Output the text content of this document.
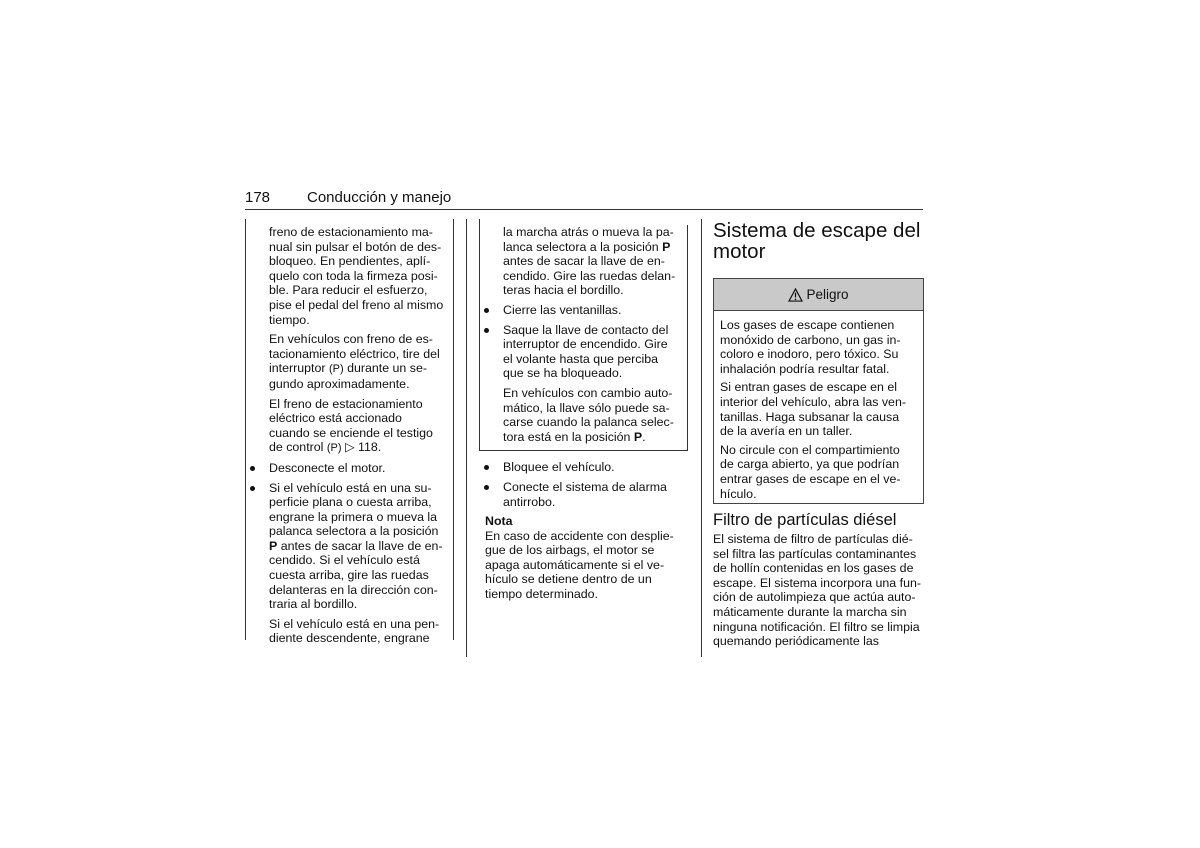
178 Conducción y manejo

freno de estacionamiento ma-
nual sin pulsar el botón de des-
bloqueo. En pendientes, aplí-
quelo con toda la firmeza posi-
ble. Para reducir el esfuerzo,
pise el pedal del freno al mismo
tiempo.

En vehículos con freno de es-
tacionamiento eléctrico, tire del
interruptor (P) durante un se-
gundo aproximadamente.

El freno de estacionamiento
eléctrico está accionado
cuando se enciende el testigo
de control (P) ▷ 118.

Desconecte el motor.

Si el vehículo está en una su-
perficie plana o cuesta arriba,
engrane la primera o mueva la
palanca selectora a la posición
P antes de sacar la llave de en-
cendido. Si el vehículo está
cuesta arriba, gire las ruedas
delanteras en la dirección con-
traria al bordillo.

Si el vehículo está en una pen-
diente descendente, engrane

la marcha atrás o mueva la pa-
lanca selectora a la posición P
antes de sacar la llave de en-
cendido. Gire las ruedas delan-
teras hacia el bordillo.

Cierre las ventanillas.

Saque la llave de contacto del
interruptor de encendido. Gire
el volante hasta que perciba
que se ha bloqueado.

En vehículos con cambio auto-
mático, la llave sólo puede sa-
carse cuando la palanca selec-
tora está en la posición P.

Bloquee el vehículo.

Conecte el sistema de alarma
antirrobo.

Nota
En caso de accidente con desplie-
gue de los airbags, el motor se
apaga automáticamente si el ve-
hículo se detiene dentro de un
tiempo determinado.

Sistema de escape del
motor
Peligro

Los gases de escape contienen
monóxido de carbono, un gas in-
coloro e inodoro, pero tóxico. Su
inhalación podría resultar fatal.

Si entran gases de escape en el
interior del vehículo, abra las ven-
tanillas. Haga subsanar la causa
de la avería en un taller.

No circule con el compartimiento
de carga abierto, ya que podrían
entrar gases de escape en el ve-
hículo.

Filtro de partículas diésel

El sistema de filtro de partículas dié-
sel filtra las partículas contaminantes
de hollín contenidas en los gases de
escape. El sistema incorpora una fun-
ción de autolimpieza que actúa auto-
máticamente durante la marcha sin
ninguna notificación. El filtro se limpia
quemando periódicamente las
